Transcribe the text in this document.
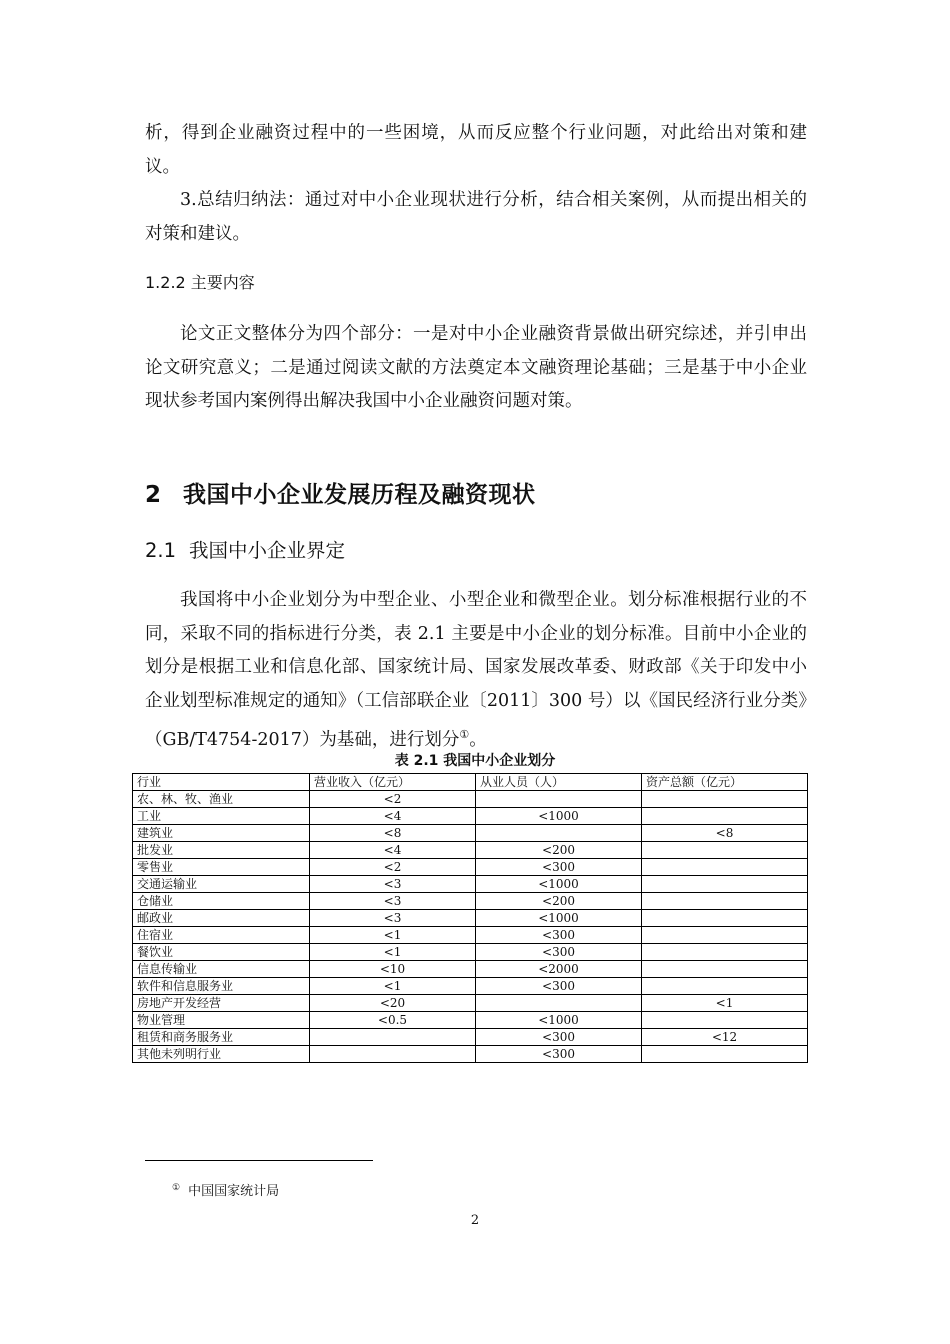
析，得到企业融资过程中的一些困境，从而反应整个行业问题，对此给出对策和建议。
3.总结归纳法：通过对中小企业现状进行分析，结合相关案例，从而提出相关的对策和建议。
1.2.2 主要内容
论文正文整体分为四个部分：一是对中小企业融资背景做出研究综述，并引申出论文研究意义；二是通过阅读文献的方法奠定本文融资理论基础；三是基于中小企业现状参考国内案例得出解决我国中小企业融资问题对策。
2 我国中小企业发展历程及融资现状
2.1 我国中小企业界定
我国将中小企业划分为中型企业、小型企业和微型企业。划分标准根据行业的不同，采取不同的指标进行分类，表 2.1 主要是中小企业的划分标准。目前中小企业的划分是根据工业和信息化部、国家统计局、国家发展改革委、财政部《关于印发中小企业划型标准规定的通知》（工信部联企业〔2011〕300 号）以《国民经济行业分类》（GB/T4754-2017）为基础，进行划分①。
表 2.1 我国中小企业划分
行业	营业收入（亿元）	从业人员（人）	资产总额（亿元）
农、林、牧、渔业	<2		
工业	<4	<1000	
建筑业	<8		<8
批发业	<4	<200	
零售业	<2	<300	
交通运输业	<3	<1000	
仓储业	<3	<200	
邮政业	<3	<1000	
住宿业	<1	<300	
餐饮业	<1	<300	
信息传输业	<10	<2000	
软件和信息服务业	<1	<300	
房地产开发经营	<20		<1
物业管理	<0.5	<1000	
租赁和商务服务业		<300	<12
其他未列明行业		<300	
① 中国国家统计局
2
